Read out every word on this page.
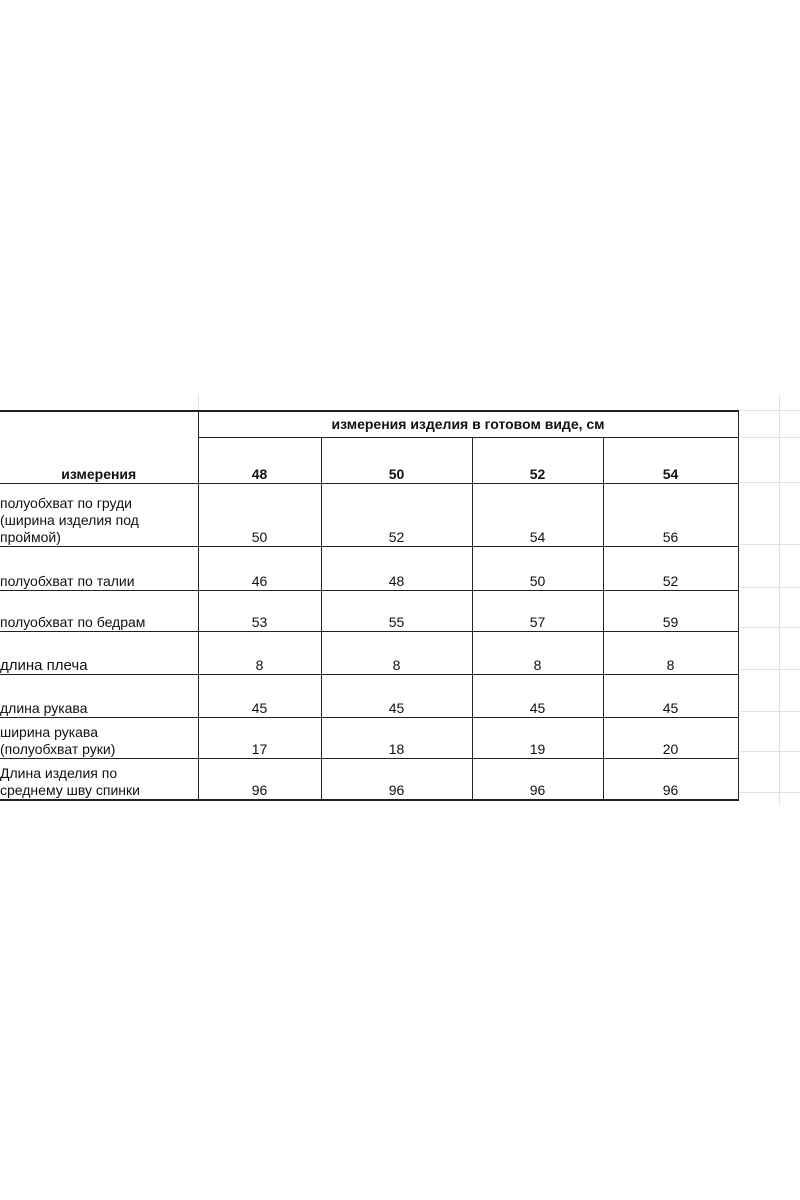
	измерения изделия в готовом виде, см			
измерения	48	50	52	54

полуобхват по груди
(ширина изделия под
проймой)	50	52	54	56
полуобхват по талии	46	48	50	52
полуобхват по бедрам	53	55	57	59
длина плеча	8	8	8	8
длина рукава	45	45	45	45

ширина рукава
(полуобхват руки)	17	18	19	20

Длина изделия по
среднему шву спинки	96	96	96	96
